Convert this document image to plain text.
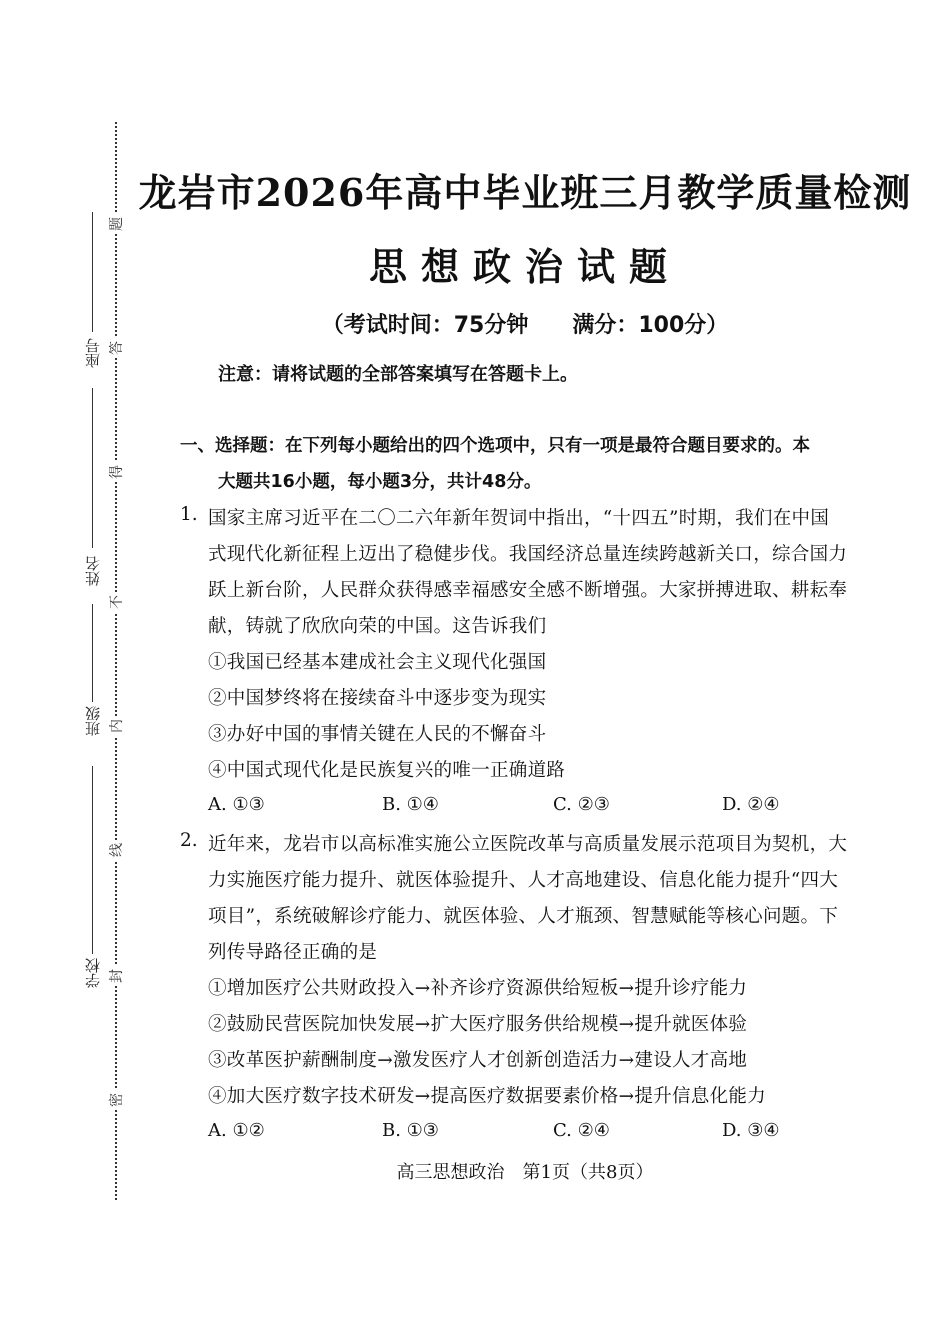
座号
姓名
班级
学校
题
答
得
不
内
线
封
密
龙岩市2026年高中毕业班三月教学质量检测
思想政治试题
（考试时间：75分钟　　满分：100分）
注意：请将试题的全部答案填写在答题卡上。
一、选择题：在下列每小题给出的四个选项中，只有一项是最符合题目要求的。本
大题共16小题，每小题3分，共计48分。
1. 国家主席习近平在二〇二六年新年贺词中指出，“十四五”时期，我们在中国
式现代化新征程上迈出了稳健步伐。我国经济总量连续跨越新关口，综合国力
跃上新台阶，人民群众获得感幸福感安全感不断增强。大家拼搏进取、耕耘奉
献，铸就了欣欣向荣的中国。这告诉我们
①我国已经基本建成社会主义现代化强国
②中国梦终将在接续奋斗中逐步变为现实
③办好中国的事情关键在人民的不懈奋斗
④中国式现代化是民族复兴的唯一正确道路
A. ①③	B. ①④	C. ②③	D. ②④
2. 近年来，龙岩市以高标准实施公立医院改革与高质量发展示范项目为契机，大
力实施医疗能力提升、就医体验提升、人才高地建设、信息化能力提升“四大
项目”，系统破解诊疗能力、就医体验、人才瓶颈、智慧赋能等核心问题。下
列传导路径正确的是
①增加医疗公共财政投入→补齐诊疗资源供给短板→提升诊疗能力
②鼓励民营医院加快发展→扩大医疗服务供给规模→提升就医体验
③改革医护薪酬制度→激发医疗人才创新创造活力→建设人才高地
④加大医疗数字技术研发→提高医疗数据要素价格→提升信息化能力
A. ①②	B. ①③	C. ②④	D. ③④
高三思想政治　第1页（共8页）
